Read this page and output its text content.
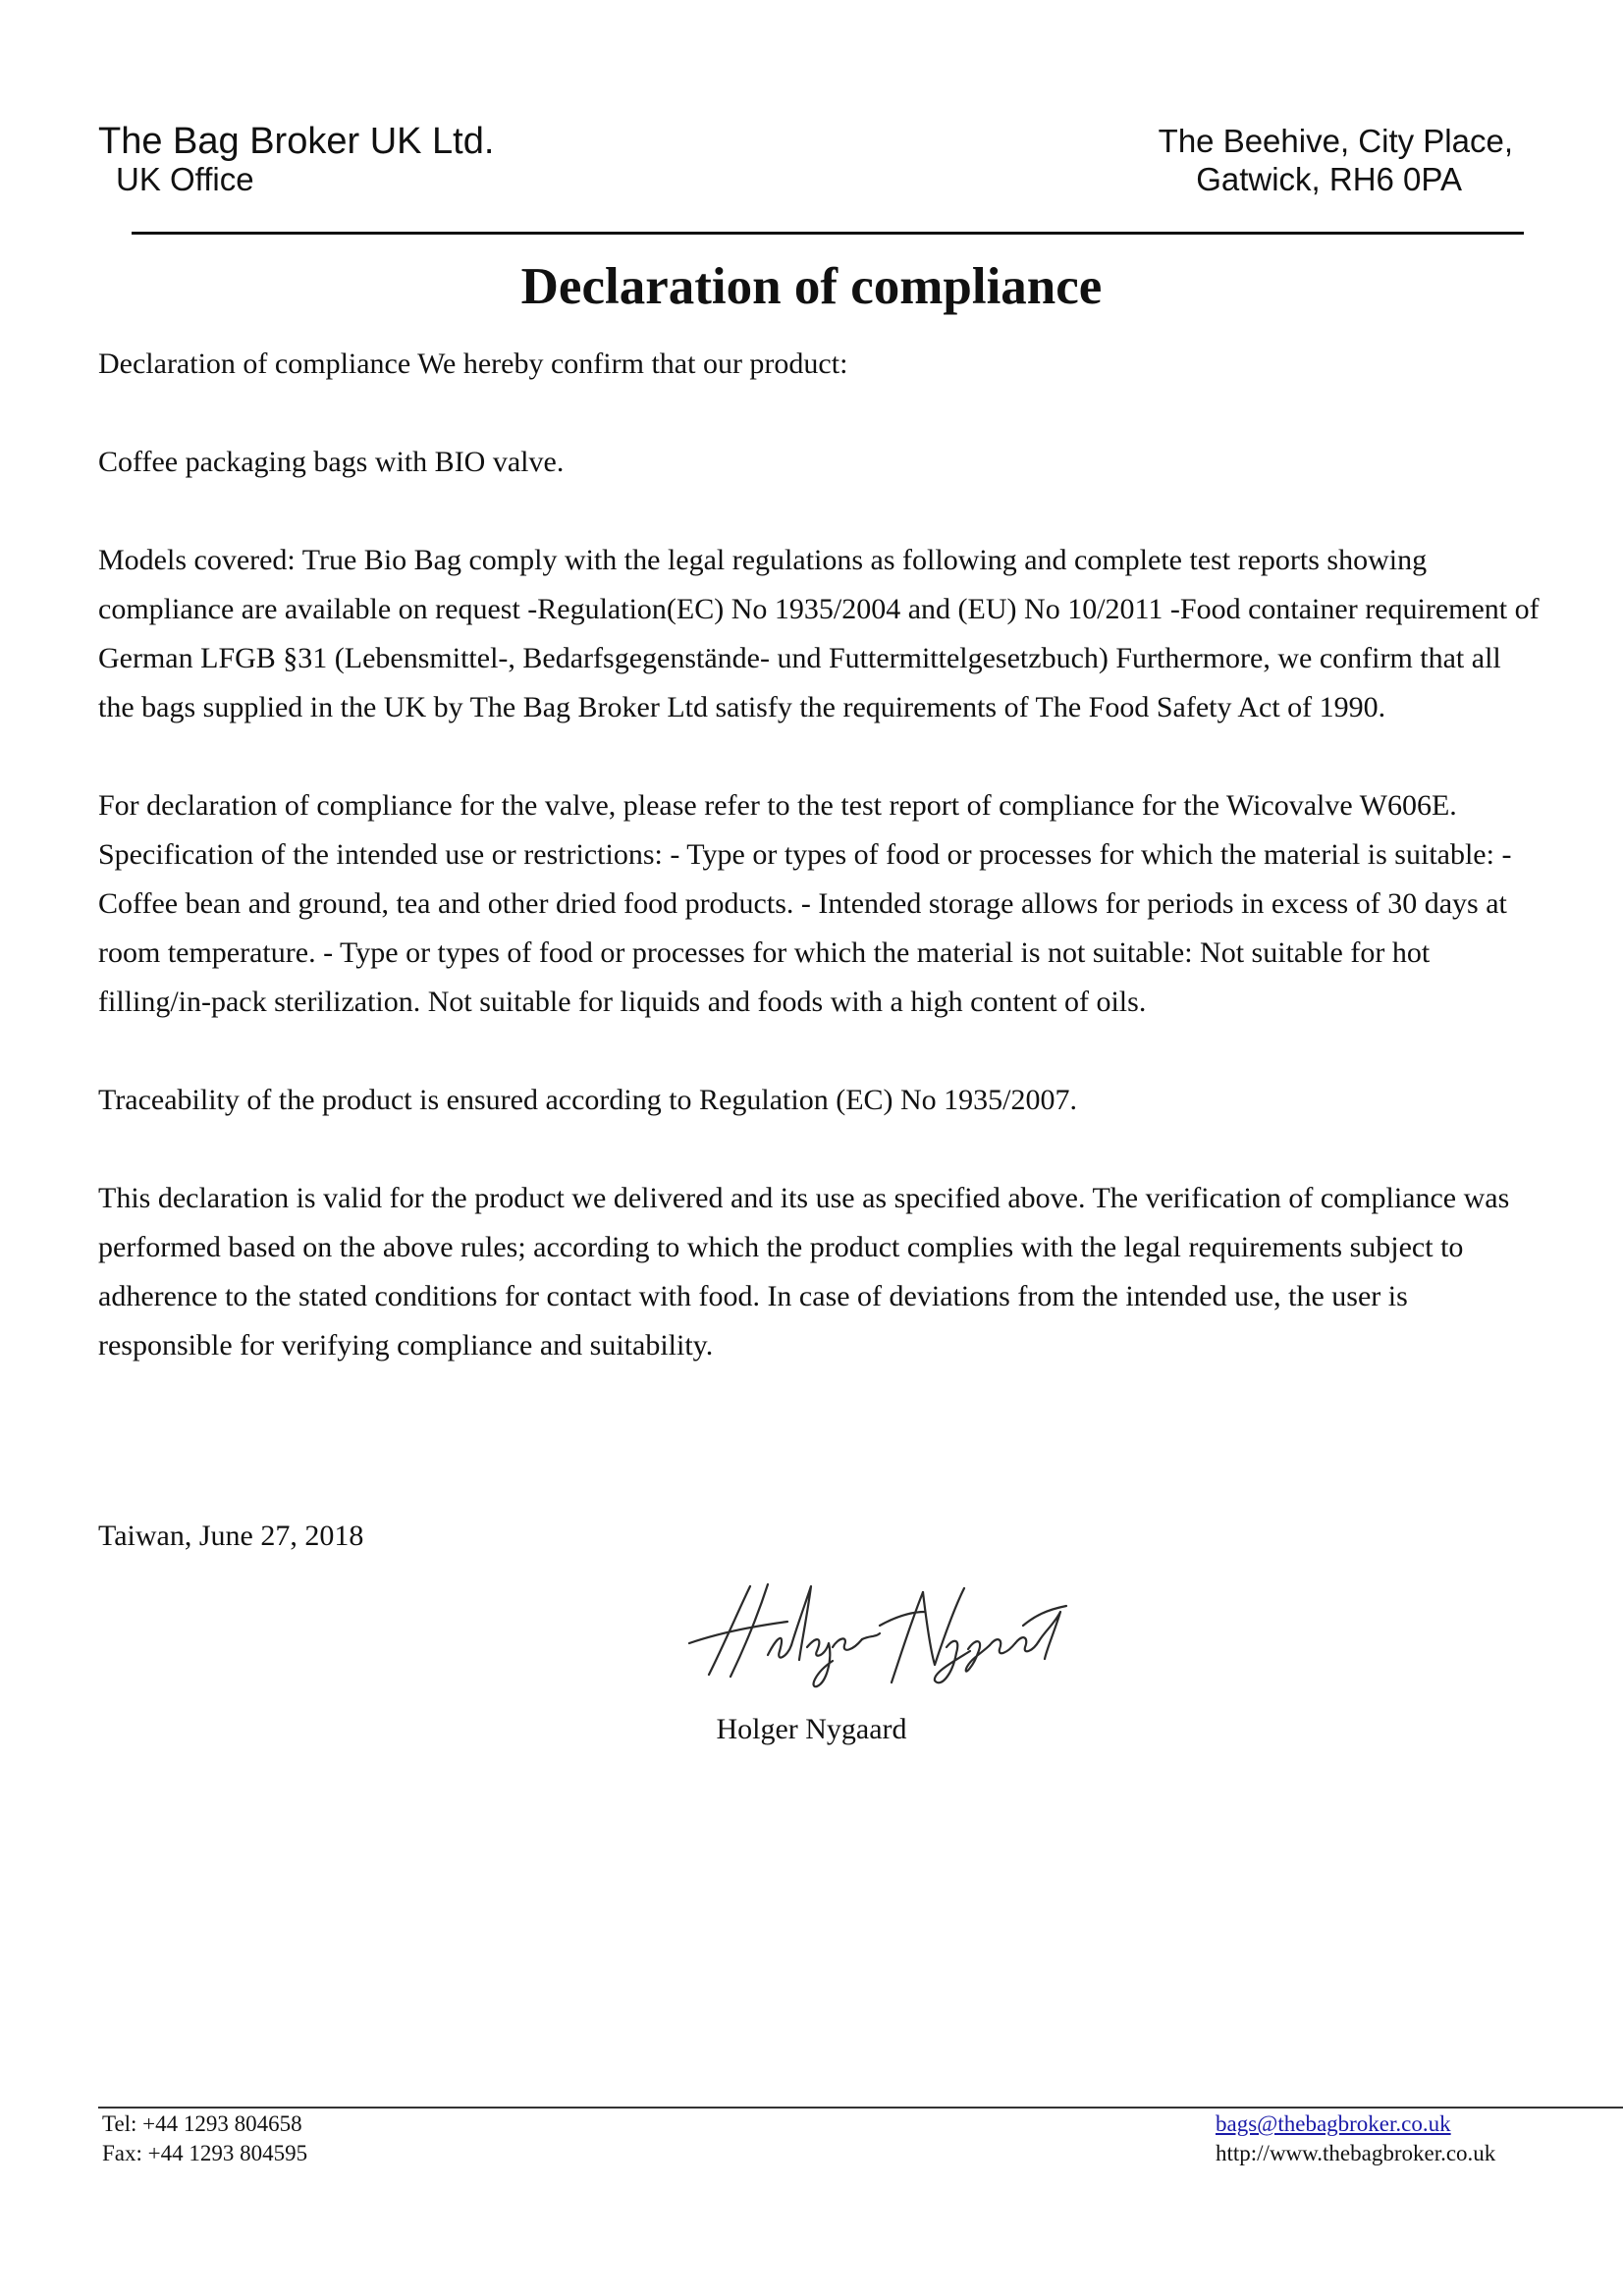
The Bag Broker UK Ltd.
UK Office
The Beehive, City Place,
Gatwick, RH6 0PA
Declaration of compliance

Declaration of compliance We hereby confirm that our product:

Coffee packaging bags with BIO valve.

Models covered: True Bio Bag comply with the legal regulations as following and complete test reports showing compliance are available on request -Regulation(EC) No 1935/2004 and (EU) No 10/2011 -Food container requirement of German LFGB §31 (Lebensmittel-, Bedarfsgegenstände- und Futtermittelgesetzbuch) Furthermore, we confirm that all the bags supplied in the UK by The Bag Broker Ltd satisfy the requirements of The Food Safety Act of 1990.

For declaration of compliance for the valve, please refer to the test report of compliance for the Wicovalve W606E. Specification of the intended use or restrictions: - Type or types of food or processes for which the material is suitable: - Coffee bean and ground, tea and other dried food products. - Intended storage allows for periods in excess of 30 days at room temperature. - Type or types of food or processes for which the material is not suitable: Not suitable for hot filling/in-pack sterilization. Not suitable for liquids and foods with a high content of oils.

Traceability of the product is ensured according to Regulation (EC) No 1935/2007.

This declaration is valid for the product we delivered and its use as specified above. The verification of compliance was performed based on the above rules; according to which the product complies with the legal requirements subject to adherence to the stated conditions for contact with food. In case of deviations from the intended use, the user is responsible for verifying compliance and suitability.

Taiwan, June 27, 2018
Holger Nygaard
Tel: +44 1293 804658
Fax: +44 1293 804595
bags@thebagbroker.co.uk
http://www.thebagbroker.co.uk
